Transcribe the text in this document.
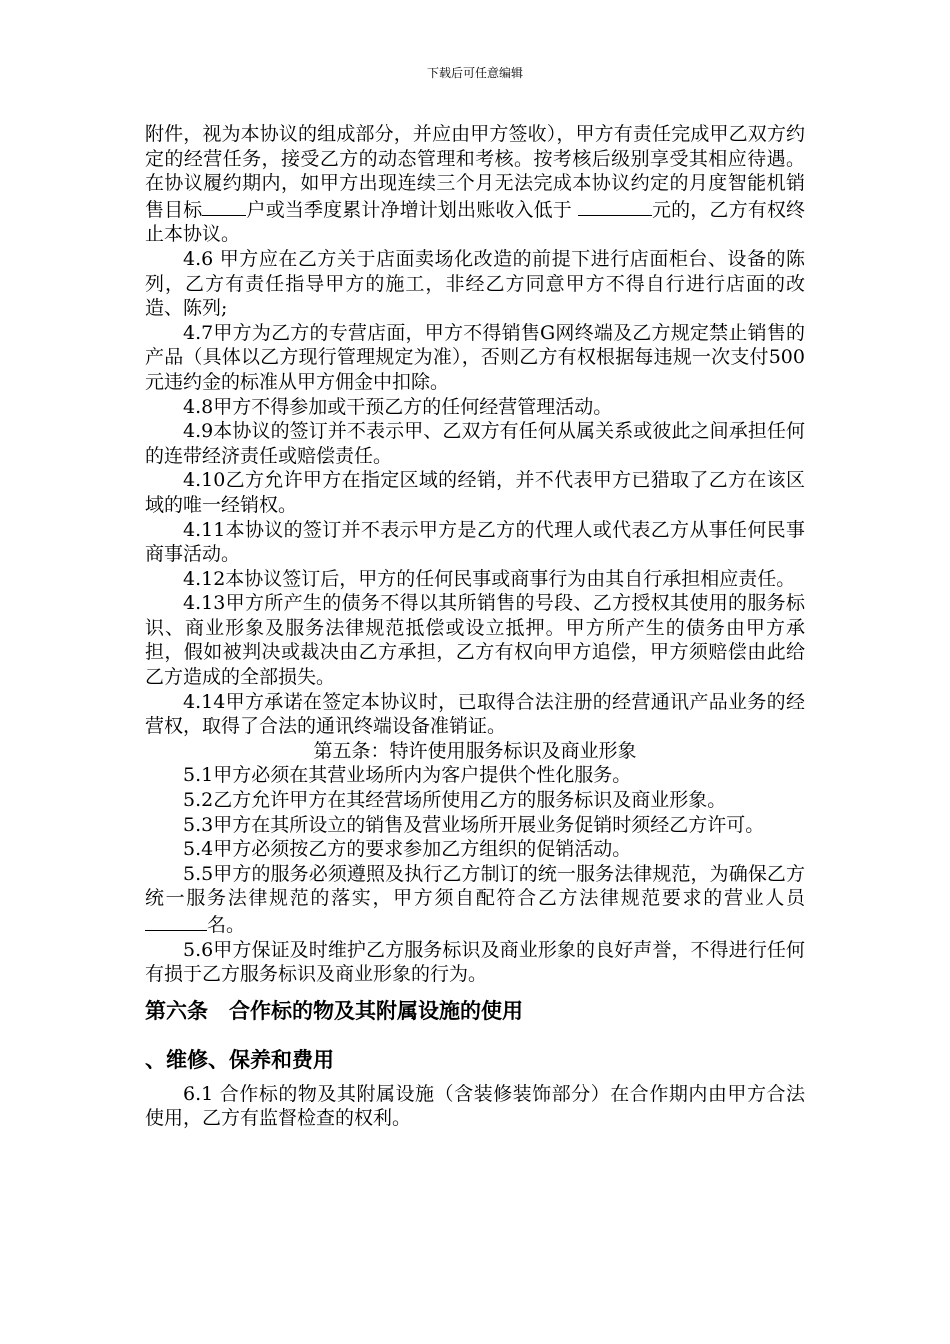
下载后可任意编辑

附件，视为本协议的组成部分，并应由甲方签收），甲方有责任完成甲乙双方约定的经营任务，接受乙方的动态管理和考核。按考核后级别享受其相应待遇。在协议履约期内，如甲方出现连续三个月无法完成本协议约定的月度智能机销售目标 户或当季度累计净增计划出账收入低于	元的，乙方有权终止本协议。

4.6 甲方应在乙方关于店面卖场化改造的前提下进行店面柜台、设备的陈列，乙方有责任指导甲方的施工，非经乙方同意甲方不得自行进行店面的改造、陈列;

4.7甲方为乙方的专营店面，甲方不得销售G网终端及乙方规定禁止销售的产品（具体以乙方现行管理规定为准），否则乙方有权根据每违规一次支付500元违约金的标准从甲方佣金中扣除。

4.8甲方不得参加或干预乙方的任何经营管理活动。

4.9本协议的签订并不表示甲、乙双方有任何从属关系或彼此之间承担任何的连带经济责任或赔偿责任。

4.10乙方允许甲方在指定区域的经销，并不代表甲方已猎取了乙方在该区域的唯一经销权。

4.11本协议的签订并不表示甲方是乙方的代理人或代表乙方从事任何民事商事活动。

4.12本协议签订后，甲方的任何民事或商事行为由其自行承担相应责任。

4.13甲方所产生的债务不得以其所销售的号段、乙方授权其使用的服务标识、商业形象及服务法律规范抵偿或设立抵押。甲方所产生的债务由甲方承担，假如被判决或裁决由乙方承担，乙方有权向甲方追偿，甲方须赔偿由此给乙方造成的全部损失。

4.14甲方承诺在签定本协议时，已取得合法注册的经营通讯产品业务的经营权，取得了合法的通讯终端设备准销证。

第五条：特许使用服务标识及商业形象

5.1甲方必须在其营业场所内为客户提供个性化服务。

5.2乙方允许甲方在其经营场所使用乙方的服务标识及商业形象。

5.3甲方在其所设立的销售及营业场所开展业务促销时须经乙方许可。

5.4甲方必须按乙方的要求参加乙方组织的促销活动。

5.5甲方的服务必须遵照及执行乙方制订的统一服务法律规范，为确保乙方统一服务法律规范的落实，甲方须自配符合乙方法律规范要求的营业人员名。

5.6甲方保证及时维护乙方服务标识及商业形象的良好声誉，不得进行任何有损于乙方服务标识及商业形象的行为。

第六条　合作标的物及其附属设施的使用

、维修、保养和费用

6.1 合作标的物及其附属设施（含装修装饰部分）在合作期内由甲方合法使用，乙方有监督检查的权利。
